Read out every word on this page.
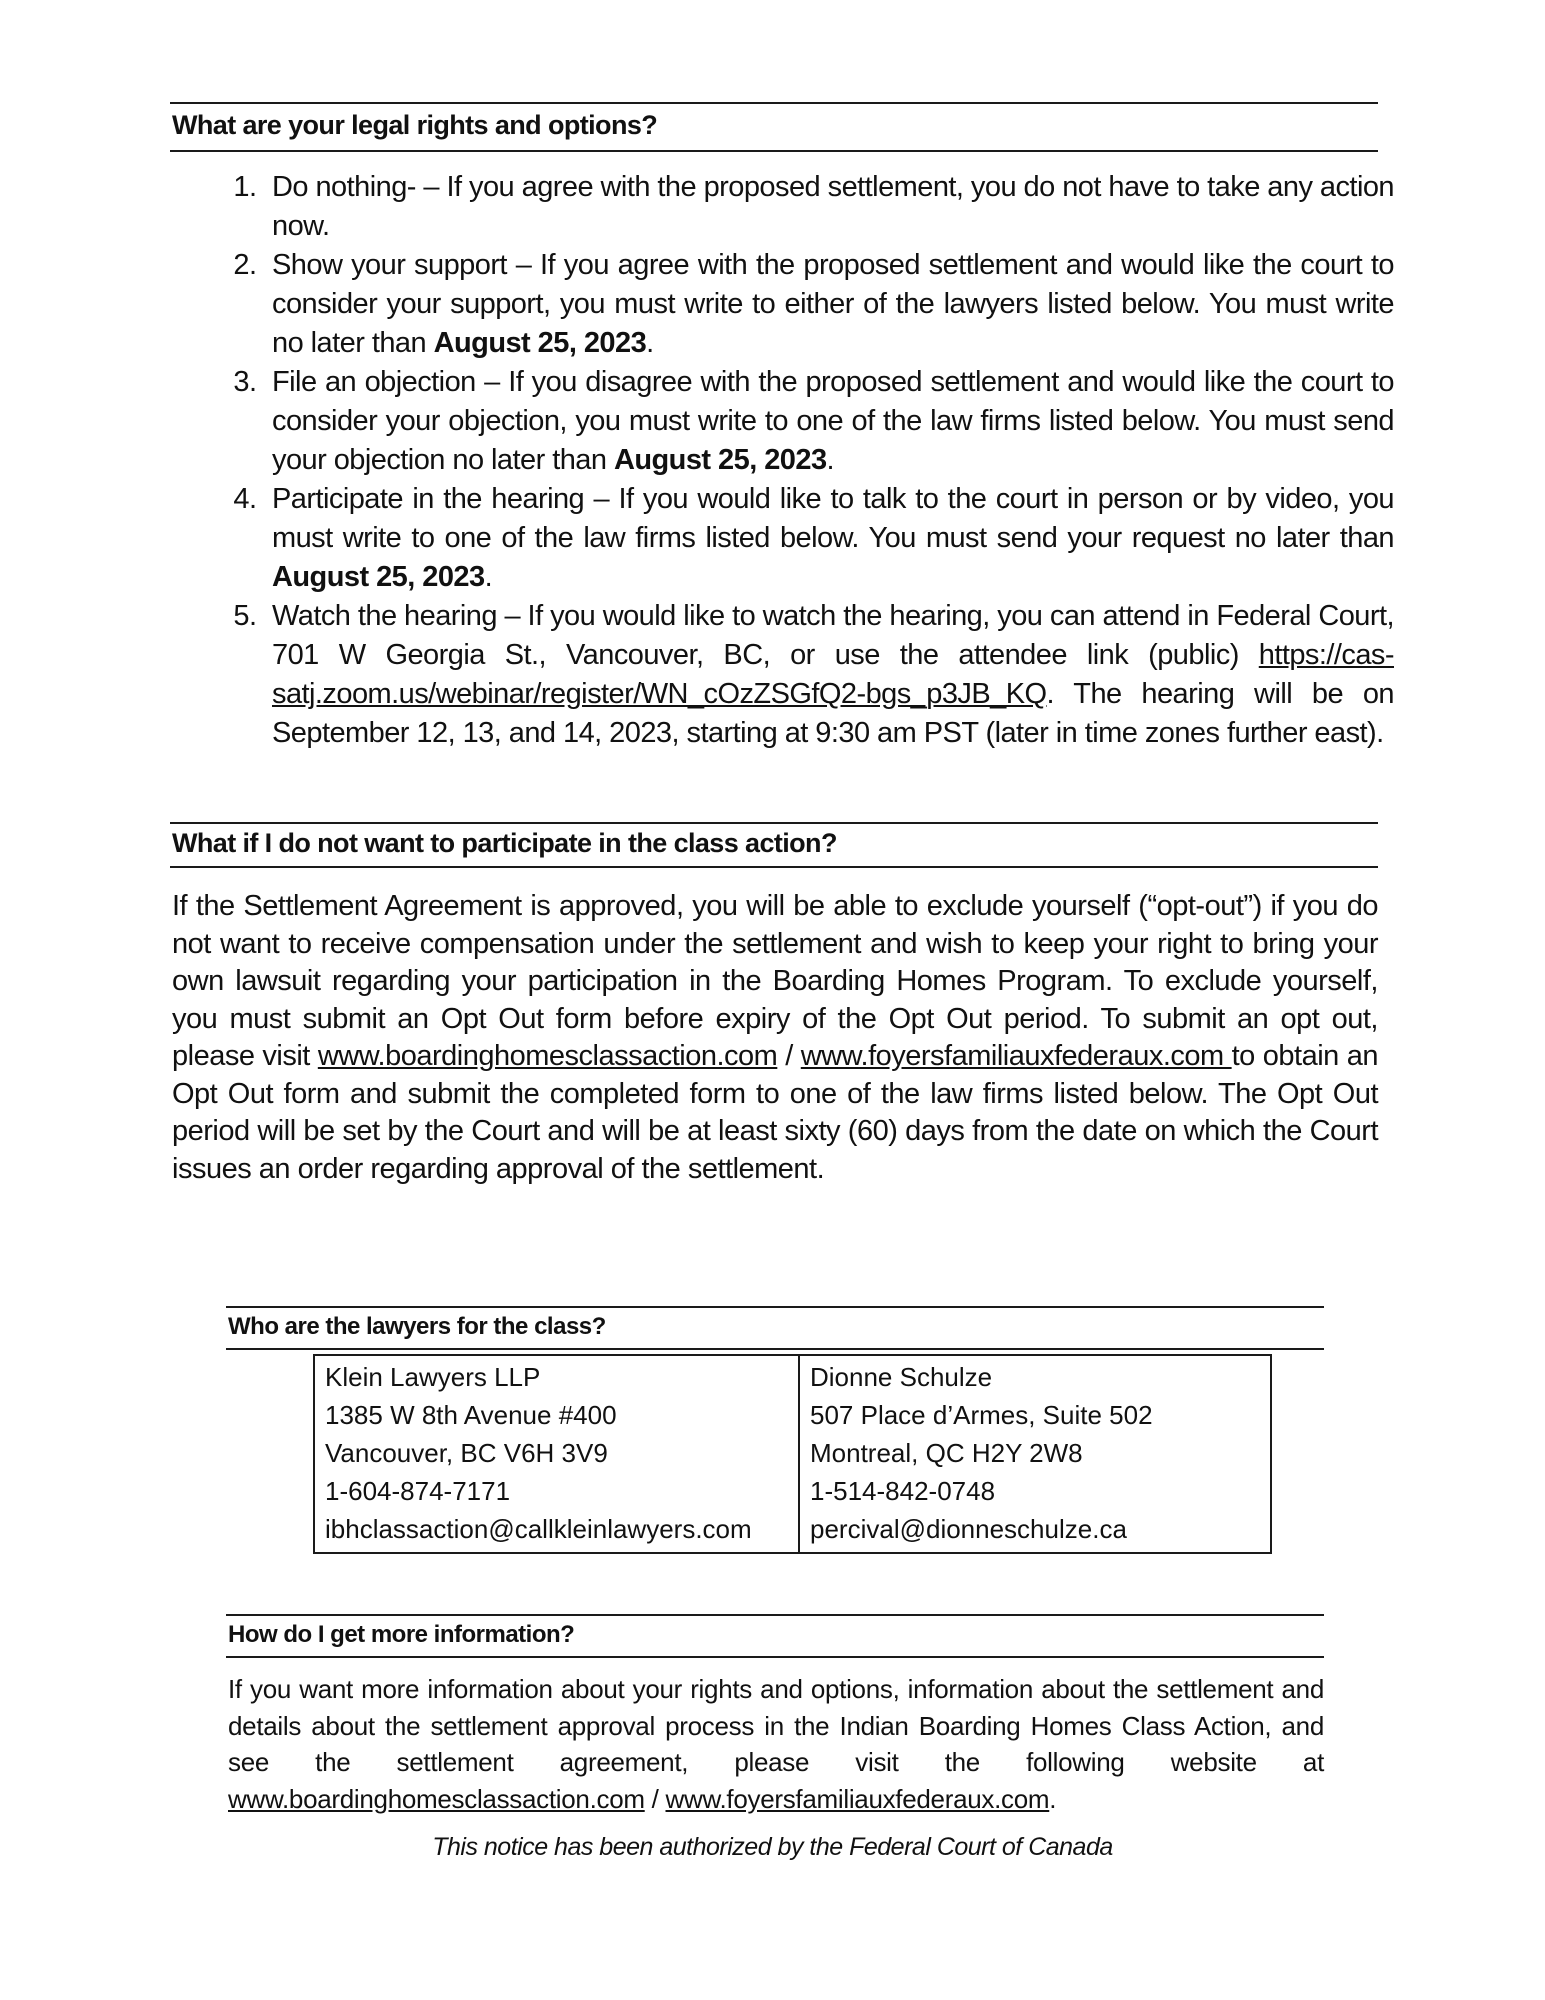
What are your legal rights and options?
1. Do nothing- – If you agree with the proposed settlement, you do not have to take any action now.
2. Show your support – If you agree with the proposed settlement and would like the court to consider your support, you must write to either of the lawyers listed below. You must write no later than August 25, 2023.
3. File an objection – If you disagree with the proposed settlement and would like the court to consider your objection, you must write to one of the law firms listed below. You must send your objection no later than August 25, 2023.
4. Participate in the hearing – If you would like to talk to the court in person or by video, you must write to one of the law firms listed below. You must send your request no later than August 25, 2023.
5. Watch the hearing – If you would like to watch the hearing, you can attend in Federal Court, 701 W Georgia St., Vancouver, BC, or use the attendee link (public) https://cas-satj.zoom.us/webinar/register/WN_cOzZSGfQ2-bgs_p3JB_KQ. The hearing will be on September 12, 13, and 14, 2023, starting at 9:30 am PST (later in time zones further east).
What if I do not want to participate in the class action?
If the Settlement Agreement is approved, you will be able to exclude yourself (“opt-out”) if you do not want to receive compensation under the settlement and wish to keep your right to bring your own lawsuit regarding your participation in the Boarding Homes Program. To exclude yourself, you must submit an Opt Out form before expiry of the Opt Out period. To submit an opt out, please visit www.boardinghomesclassaction.com / www.foyersfamiliauxfederaux.com to obtain an Opt Out form and submit the completed form to one of the law firms listed below. The Opt Out period will be set by the Court and will be at least sixty (60) days from the date on which the Court issues an order regarding approval of the settlement.
Who are the lawyers for the class?
Klein Lawyers LLP
1385 W 8th Avenue #400
Vancouver, BC V6H 3V9
1-604-874-7171
ibhclassaction@callkleinlawyers.com

Dionne Schulze
507 Place d’Armes, Suite 502
Montreal, QC H2Y 2W8
1-514-842-0748
percival@dionneschulze.ca
How do I get more information?
If you want more information about your rights and options, information about the settlement and details about the settlement approval process in the Indian Boarding Homes Class Action, and see the settlement agreement, please visit the following website at www.boardinghomesclassaction.com / www.foyersfamiliauxfederaux.com.
This notice has been authorized by the Federal Court of Canada
